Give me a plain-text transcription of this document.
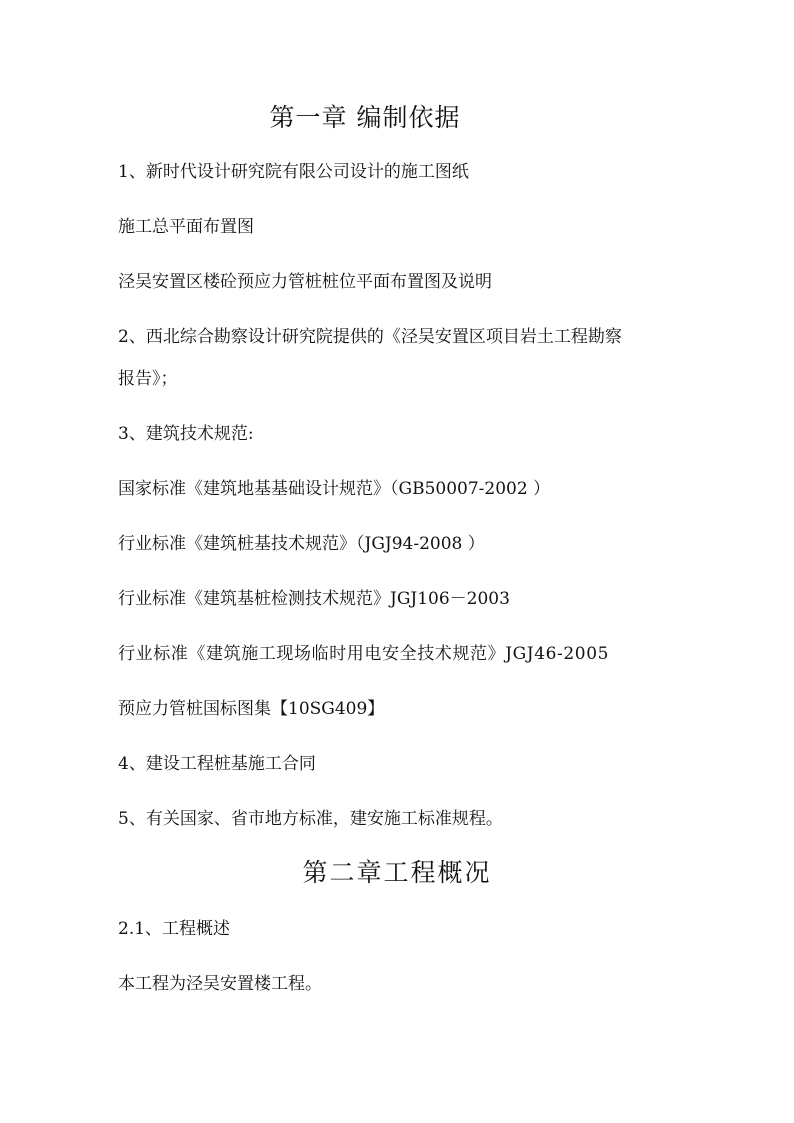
第一章 编制依据
1、新时代设计研究院有限公司设计的施工图纸
施工总平面布置图
泾吴安置区楼砼预应力管桩桩位平面布置图及说明
2、西北综合勘察设计研究院提供的《泾吴安置区项目岩土工程勘察
报告》；
3、建筑技术规范:
国家标准《建筑地基基础设计规范》（GB50007-2002 ）
行业标准《建筑桩基技术规范》（JGJ94-2008 ）
行业标准《建筑基桩检测技术规范》JGJ106－2003
行业标准《建筑施工现场临时用电安全技术规范》JGJ46-2005
预应力管桩国标图集【10SG409】
4、建设工程桩基施工合同
5、有关国家、省市地方标准，建安施工标准规程。
第二章工程概况
2.1、工程概述
本工程为泾吴安置楼工程。
